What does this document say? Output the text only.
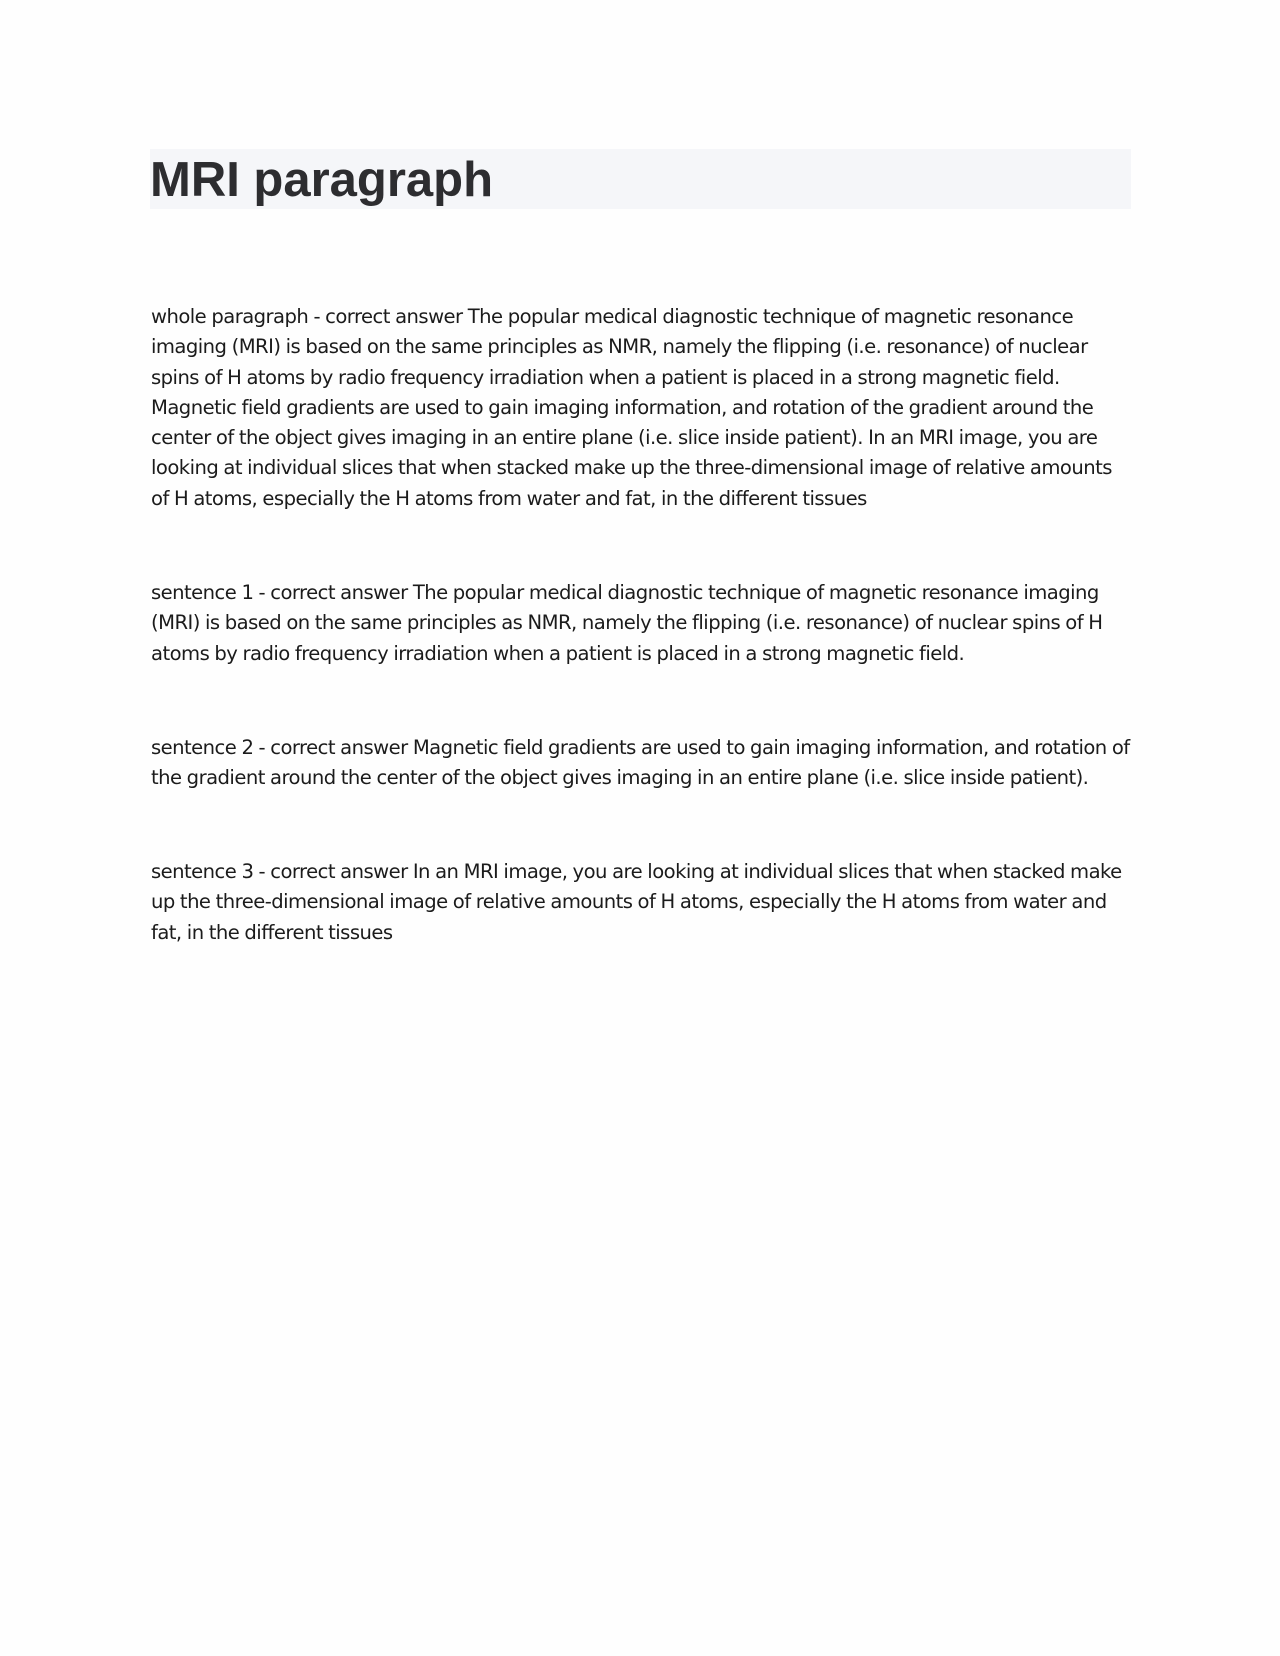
MRI paragraph

whole paragraph - correct answer The popular medical diagnostic technique of magnetic resonance imaging (MRI) is based on the same principles as NMR, namely the flipping (i.e. resonance) of nuclear spins of H atoms by radio frequency irradiation when a patient is placed in a strong magnetic field. Magnetic field gradients are used to gain imaging information, and rotation of the gradient around the center of the object gives imaging in an entire plane (i.e. slice inside patient). In an MRI image, you are looking at individual slices that when stacked make up the three-dimensional image of relative amounts of H atoms, especially the H atoms from water and fat, in the different tissues

sentence 1 - correct answer The popular medical diagnostic technique of magnetic resonance imaging (MRI) is based on the same principles as NMR, namely the flipping (i.e. resonance) of nuclear spins of H atoms by radio frequency irradiation when a patient is placed in a strong magnetic field.

sentence 2 - correct answer Magnetic field gradients are used to gain imaging information, and rotation of the gradient around the center of the object gives imaging in an entire plane (i.e. slice inside patient).

sentence 3 - correct answer In an MRI image, you are looking at individual slices that when stacked make up the three-dimensional image of relative amounts of H atoms, especially the H atoms from water and fat, in the different tissues
